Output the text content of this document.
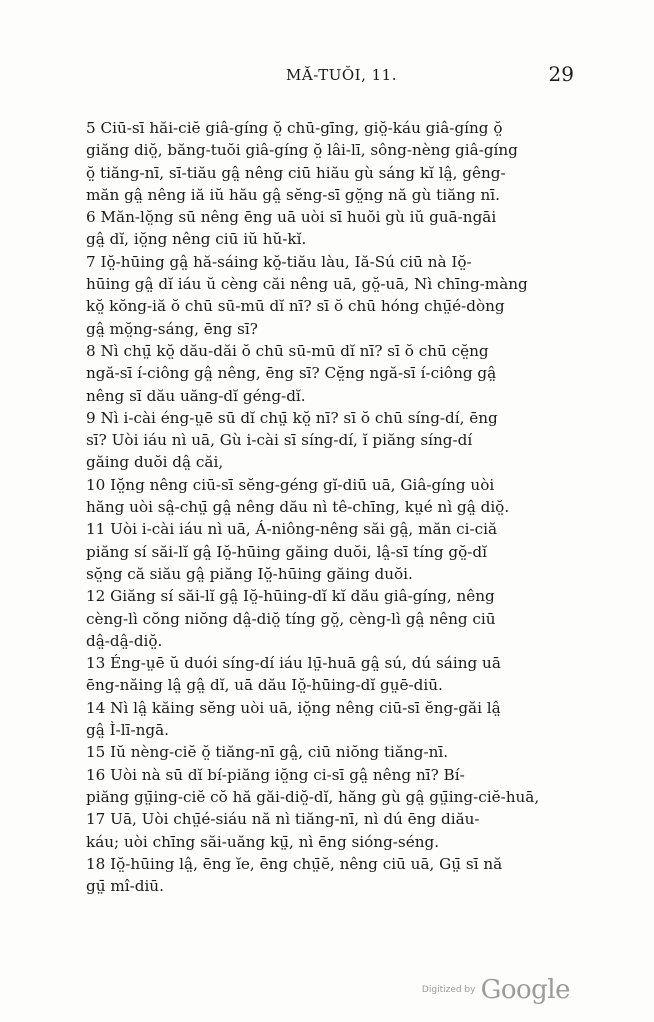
MĂ-TUŎI, 11.	29
5 Ciū-sī hăi-ciĕ giâ-gíng ŏ̤ chū-gīng, giŏ̤-káu giâ-gíng ŏ̤
giăng diŏ̤, băng-tuŏi giâ-gíng ŏ̤ lâi-lī, sông-nèng giâ-gíng
ŏ̤ tiăng-nī, sī-tiău gâ̤ nêng ciū hiău gù sáng kĭ lâ̤, gêng-
măn gâ̤ nêng iă iŭ hău gâ̤ sĕng-sī gŏ̤ng nă gù tiăng nī.
6 Măn-lŏ̤ng sū nêng ēng uā uòi sī huŏi gù iŭ guā-ngāi
gâ̤ dĭ, iŏ̤ng nêng ciū iŭ hŭ-kĭ.
7 Iŏ̤-hūing gâ̤ hă-sáing kŏ̤-tiău làu, Iă-Sú ciū nà Iŏ̤-
hūing gâ̤ dĭ iáu ŭ cèng căi nêng uā, gŏ̤-uā, Nì chīng-màng
kŏ̤ kŏng-iă ŏ chū sū-mū dĭ nī? sī ŏ chū hóng chṳ̄é-dòng
gâ̤ mŏ̤ng-sáng, ēng sī?
8 Nì chṳ̄ kŏ̤ dău-dăi ŏ chū sū-mū dĭ nī? sī ŏ chū cĕ̤ng
ngă-sī í-ciông gâ̤ nêng, ēng sī? Cĕ̤ng ngă-sī í-ciông gâ̤
nêng sī dău uăng-dĭ géng-dĭ.
9 Nì i-cài éng-ṳē sū dĭ chṳ̄ kŏ̤ nī? sī ŏ chū síng-dí, ēng
sī? Uòi iáu nì uā, Gù i-cài sī síng-dí, ĭ piăng síng-dí
găing duŏi dâ̤ căi,
10 Iŏ̤ng nêng ciū-sī sĕng-géng gĭ-diū uā, Giâ-gíng uòi
hăng uòi sâ̤-chṳ̄ gâ̤ nêng dău nì tê-chīng, kṳé nì gâ̤ diŏ̤.
11 Uòi i-cài iáu nì uā, Á-niông-nêng săi gâ̤, măn ci-ciă
piăng sí săi-lĭ gâ̤ Iŏ̤-hūing găing duŏi, lâ̤-sī tíng gŏ̤-dĭ
sŏ̤ng că siău gâ̤ piăng Iŏ̤-hūing găing duŏi.
12 Giăng sí săi-lĭ gâ̤ Iŏ̤-hūing-dĭ kĭ dău giâ-gíng, nêng
cèng-lì cŏng niŏng dâ̤-diŏ̤ tíng gŏ̤, cèng-lì gâ̤ nêng ciū
dâ̤-dâ̤-diŏ̤.
13 Éng-ṳē ŭ duói síng-dí iáu lṳ̄-huā gâ̤ sú, dú sáing uā
ēng-năing lâ̤ gâ̤ dĭ, uā dău Iŏ̤-hūing-dĭ gṳē-diū.
14 Nì lâ̤ kăing sĕng uòi uā, iŏ̤ng nêng ciū-sī ĕng-găi lâ̤
gâ̤ Ì-lī-ngā.
15 Iŭ nèng-ciĕ ŏ̤ tiăng-nī gâ̤, ciū niŏng tiăng-nī.
16 Uòi nà sū dĭ bí-piăng iŏ̤ng ci-sī gâ̤ nêng nī? Bí-
piăng gṳ̄ing-ciĕ cŏ hă găi-diŏ̤-dĭ, hăng gù gâ̤ gṳ̄ing-ciĕ-huā,
17 Uā, Uòi chṳ̄é-siáu nă nì tiăng-nī, nì dú ēng diău-
káu; uòi chīng săi-uăng kṳ̄, nì ēng sióng-séng.
18 Iŏ̤-hūing lâ̤, ēng ĭe, ēng chṳ̄ĕ, nêng ciū uā, Gṳ̄ sī nă
gṳ̄ mî-diū.
Digitized by Google
